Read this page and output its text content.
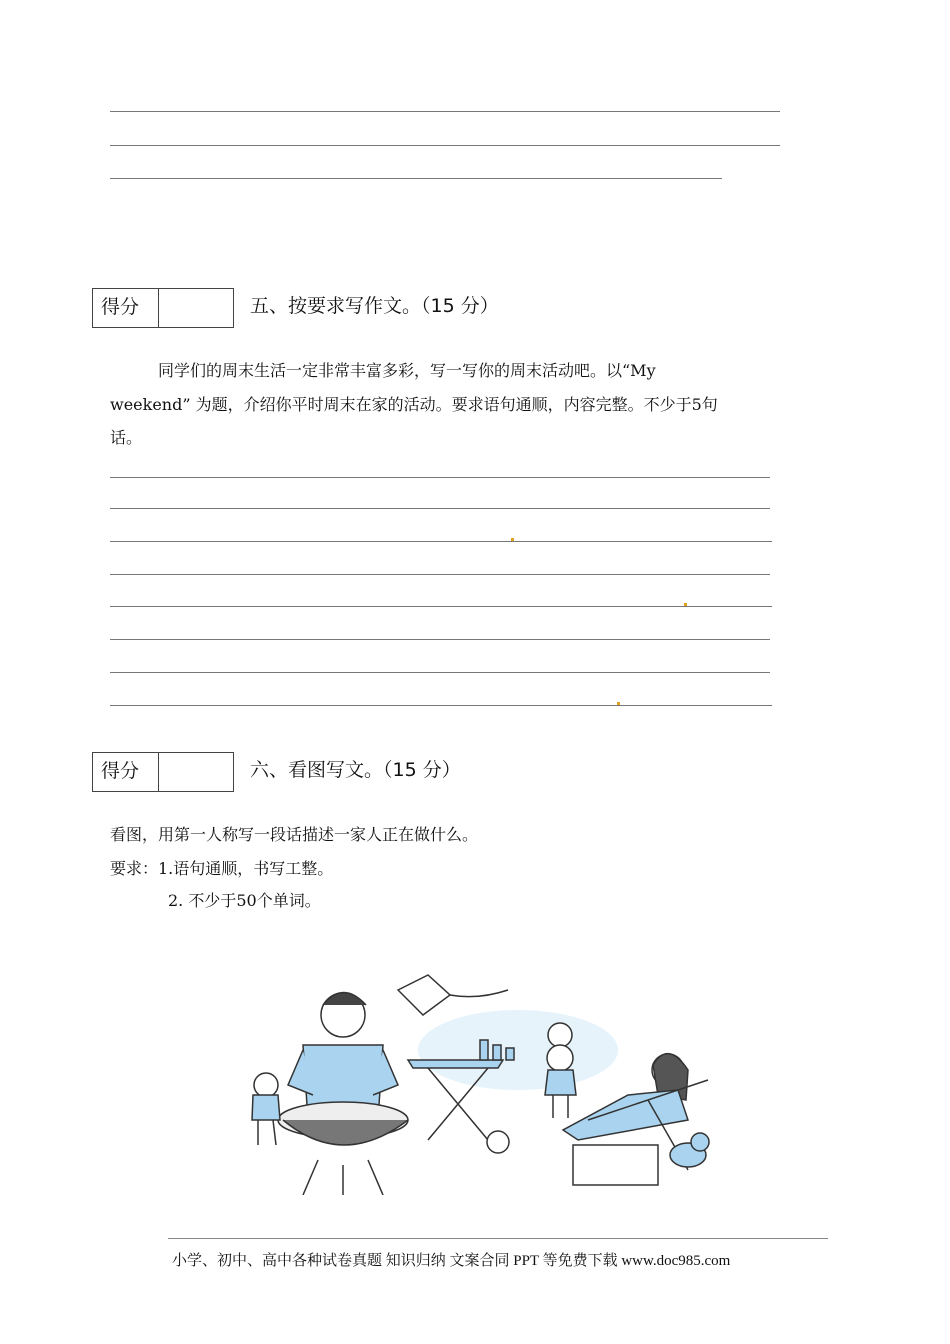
得分	五、按要求写作文。（15 分）
同学们的周末生活一定非常丰富多彩，写一写你的周末活动吧。以“My
weekend” 为题，介绍你平时周末在家的活动。要求语句通顺，内容完整。不少于5句
话。
得分	六、看图写文。（15 分）
看图，用第一人称写一段话描述一家人正在做什么。
要求：1.语句通顺，书写工整。
2. 不少于50个单词。
小学、初中、高中各种试卷真题 知识归纳 文案合同 PPT 等免费下载 www.doc985.com
